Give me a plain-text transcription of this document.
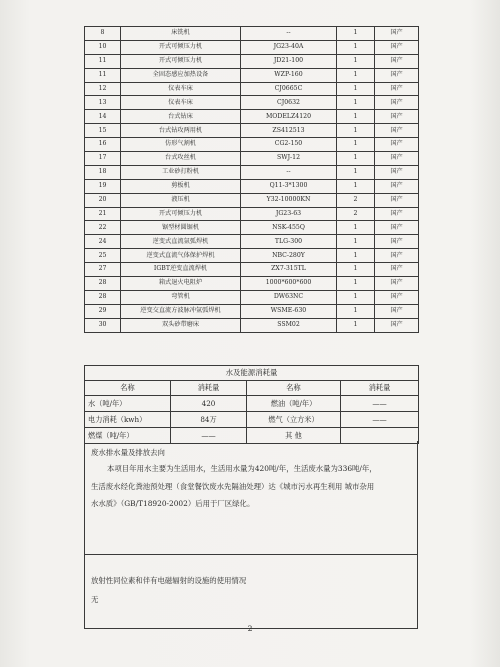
8	床铣机	--	1	国产
10	开式可倾压力机	JG23-40A	1	国产
11	开式可倾压力机	JD21-100	1	国产
11	全固态感应加热设备	WZP-160	1	国产
12	仪表车床	CJ0665C	1	国产
13	仪表车床	CJ0632	1	国产
14	台式钻床	MODELZ4120	1	国产
15	台式钻攻两用机	ZS412513	1	国产
16	仿形气割机	CG2-150	1	国产
17	台式攻丝机	SWJ-12	1	国产
18	工业砂打粉机	--	1	国产
19	剪板机	Q11-3*1300	1	国产
20	液压机	Y32-10000KN	2	国产
21	开式可倾压力机	JG23-63	2	国产
22	锯型材圆锯机	NSK-455Q	1	国产
24	逆变式直流氩弧焊机	TLG-300	1	国产
25	逆变式直流气体保护焊机	NBC-280Y	1	国产
27	IGBT逆变直流焊机	ZX7-315TL	1	国产
28	箱式退火电阻炉	1000*600*600	1	国产
28	弯管机	DW63NC	1	国产
29	逆变交直流方波脉冲氩弧焊机	WSME-630	1	国产
30	双头砂带磨床	SSM02	1	国产
水及能源消耗量			
名称	消耗量	名称	消耗量
水（吨/年）	420	燃油（吨/年）	——
电力消耗（kwh）	84万	燃气（立方米）	——
燃煤（吨/年）	——	其 他	
废水排水量及排放去向
本项目年用水主要为生活用水，生活用水量为420吨/年，生活废水量为336吨/年，
生活废水经化粪池预处理（食堂餐饮废水先隔油处理）达《城市污水再生利用 城市杂用
水水质》（GB/T18920-2002）后用于厂区绿化。
放射性同位素和伴有电磁辐射的设施的使用情况
无
2
